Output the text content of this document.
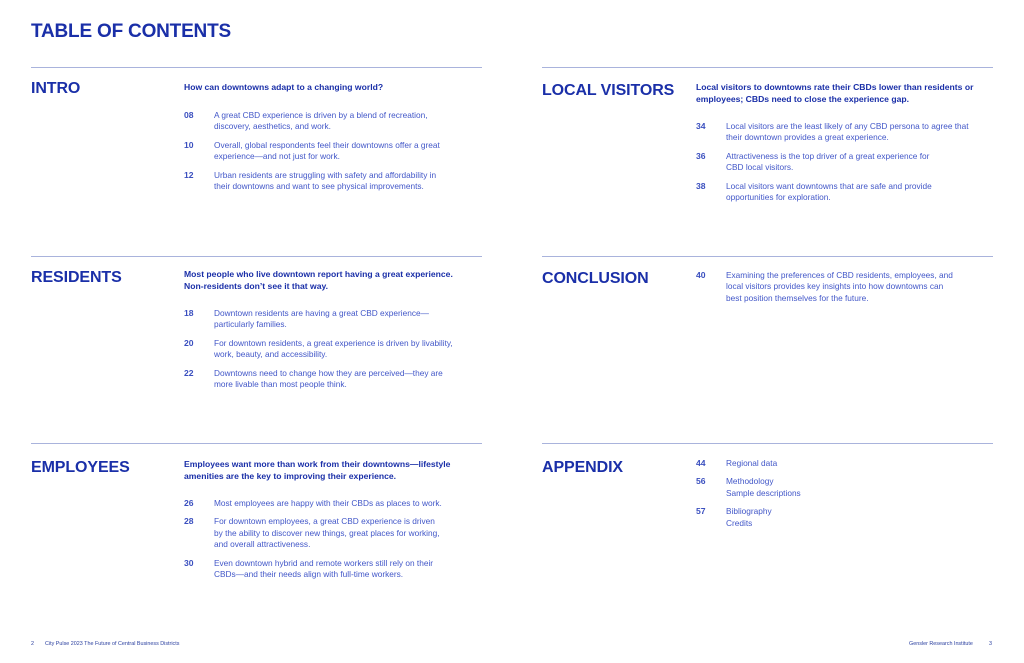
TABLE OF CONTENTS
INTRO	How can downtowns adapt to a changing world?

08 A great CBD experience is driven by a blend of recreation,
discovery, aesthetics, and work.
10 Overall, global respondents feel their downtowns offer a great
experience—and not just for work.
12 Urban residents are struggling with safety and affordability in
their downtowns and want to see physical improvements.
RESIDENTS	Most people who live downtown report having a great experience.
Non-residents don’t see it that way.

18 Downtown residents are having a great CBD experience—
particularly families.
20 For downtown residents, a great experience is driven by livability,
work, beauty, and accessibility.
22 Downtowns need to change how they are perceived—they are
more livable than most people think.
EMPLOYEES	Employees want more than work from their downtowns—lifestyle
amenities are the key to improving their experience.

26 Most employees are happy with their CBDs as places to work.
28 For downtown employees, a great CBD experience is driven
by the ability to discover new things, great places for working,
and overall attractiveness.
30 Even downtown hybrid and remote workers still rely on their
CBDs—and their needs align with full-time workers.
LOCAL VISITORS	Local visitors to downtowns rate their CBDs lower than residents or
employees; CBDs need to close the experience gap.

34 Local visitors are the least likely of any CBD persona to agree that
their downtown provides a great experience.
36 Attractiveness is the top driver of a great experience for
CBD local visitors.
38 Local visitors want downtowns that are safe and provide
opportunities for exploration.
CONCLUSION	40 Examining the preferences of CBD residents, employees, and
local visitors provides key insights into how downtowns can
best position themselves for the future.
APPENDIX	44 Regional data
56 Methodology
Sample descriptions
57 Bibliography
Credits
2 City Pulse 2023 The Future of Central Business Districts	Gensler Research Institute	3
